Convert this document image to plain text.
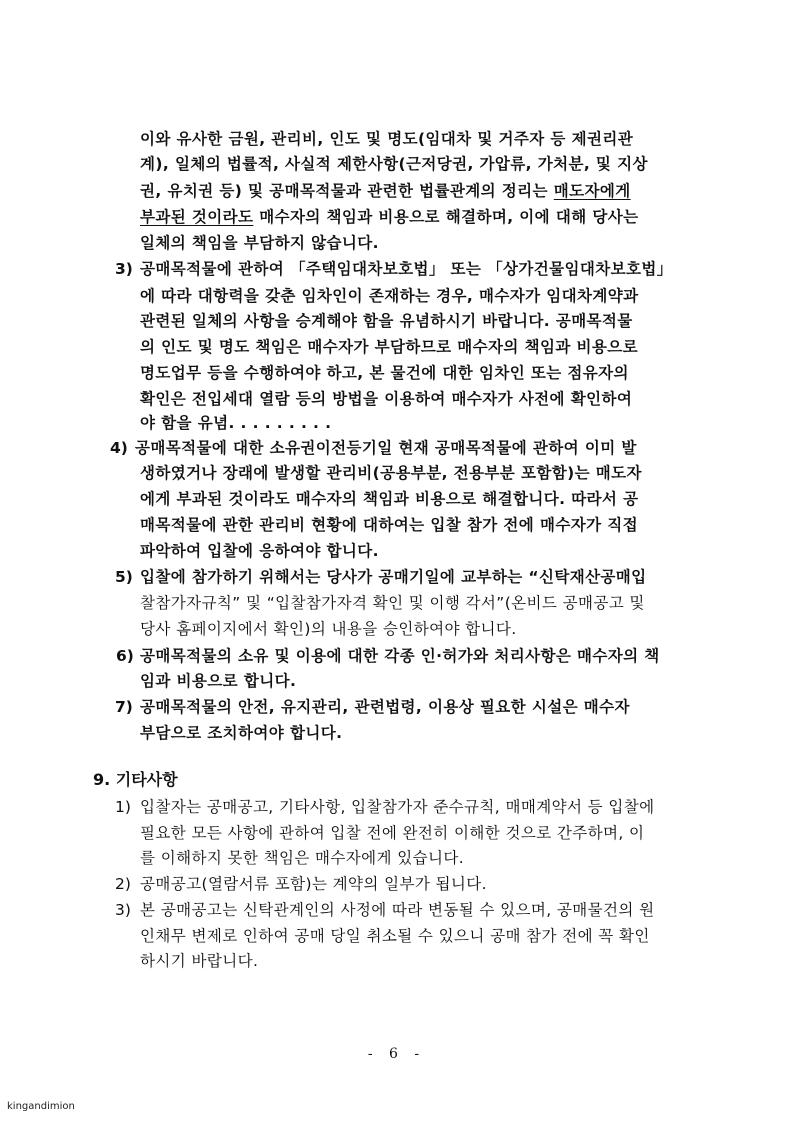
이와 유사한 금원, 관리비, 인도 및 명도(임대차 및 거주자 등 제권리관
계), 일체의 법률적, 사실적 제한사항(근저당권, 가압류, 가처분, 및 지상
권, 유치권 등) 및 공매목적물과 관련한 법률관계의 정리는 매도자에게
부과된 것이라도 매수자의 책임과 비용으로 해결하며, 이에 대해 당사는
일체의 책임을 부담하지 않습니다.
3) 공매목적물에 관하여 「주택임대차보호법」 또는 「상가건물임대차보호법」
에 따라 대항력을 갖춘 임차인이 존재하는 경우, 매수자가 임대차계약과
관련된 일체의 사항을 승계해야 함을 유념하시기 바랍니다. 공매목적물
의 인도 및 명도 책임은 매수자가 부담하므로 매수자의 책임과 비용으로
명도업무 등을 수행하여야 하고, 본 물건에 대한 임차인 또는 점유자의
확인은 전입세대 열람 등의 방법을 이용하여 매수자가 사전에 확인하여
야 함을 유념. . . . . . . . .
4) 공매목적물에 대한 소유권이전등기일 현재 공매목적물에 관하여 이미 발
생하였거나 장래에 발생할 관리비(공용부분, 전용부분 포함함)는 매도자
에게 부과된 것이라도 매수자의 책임과 비용으로 해결합니다. 따라서 공
매목적물에 관한 관리비 현황에 대하여는 입찰 참가 전에 매수자가 직접
파악하여 입찰에 응하여야 합니다.
5) 입찰에 참가하기 위해서는 당사가 공매기일에 교부하는 “신탁재산공매입
찰참가자규칙” 및 “입찰참가자격 확인 및 이행 각서”(온비드 공매공고 및
당사 홈페이지에서 확인)의 내용을 승인하여야 합니다.
6) 공매목적물의 소유 및 이용에 대한 각종 인·허가와 처리사항은 매수자의 책
임과 비용으로 합니다.
7) 공매목적물의 안전, 유지관리, 관련법령, 이용상 필요한 시설은 매수자
부담으로 조치하여야 합니다.
9. 기타사항
1) 입찰자는 공매공고, 기타사항, 입찰참가자 준수규칙, 매매계약서 등 입찰에
필요한 모든 사항에 관하여 입찰 전에 완전히 이해한 것으로 간주하며, 이
를 이해하지 못한 책임은 매수자에게 있습니다.
2) 공매공고(열람서류 포함)는 계약의 일부가 됩니다.
3) 본 공매공고는 신탁관계인의 사정에 따라 변동될 수 있으며, 공매물건의 원
인채무 변제로 인하여 공매 당일 취소될 수 있으니 공매 참가 전에 꼭 확인
하시기 바랍니다.
- 6 -
kingandimion
